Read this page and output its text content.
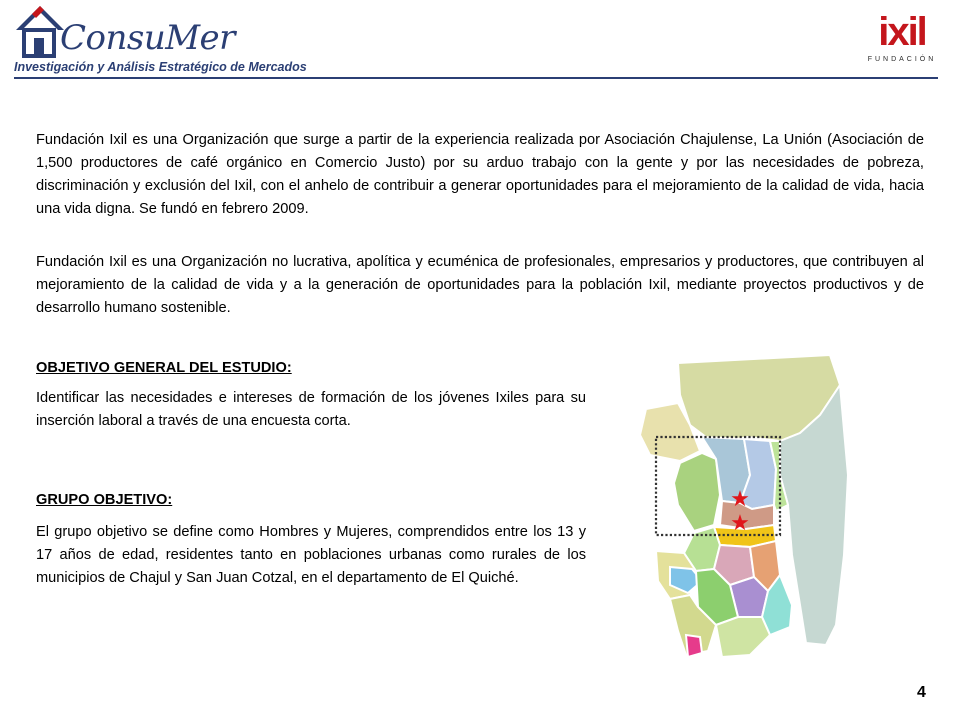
ConsuMer
Investigación y Análisis Estratégico de Mercados
ixil
FUNDACIÓN

Fundación Ixil es una Organización que surge a partir de la experiencia realizada por Asociación Chajulense, La Unión (Asociación de 1,500 productores de café orgánico en Comercio Justo) por su arduo trabajo con la gente y por las necesidades de pobreza, discriminación y exclusión del Ixil, con el anhelo de contribuir a generar oportunidades para el mejoramiento de la calidad de vida, hacia una vida digna. Se fundó en febrero 2009.

Fundación Ixil es una Organización no lucrativa, apolítica y ecuménica de profesionales, empresarios y productores, que contribuyen al mejoramiento de la calidad de vida y a la generación de oportunidades para la población Ixil, mediante proyectos productivos y de desarrollo humano sostenible.

OBJETIVO GENERAL DEL ESTUDIO:

Identificar las necesidades e intereses de formación de los jóvenes Ixiles para su inserción laboral a través de una encuesta corta.

GRUPO OBJETIVO:

El grupo objetivo se define como Hombres y Mujeres, comprendidos entre los 13 y 17 años de edad, residentes tanto en poblaciones urbanas como rurales de los municipios de Chajul y San Juan Cotzal, en el departamento de El Quiché.

★
★
4
